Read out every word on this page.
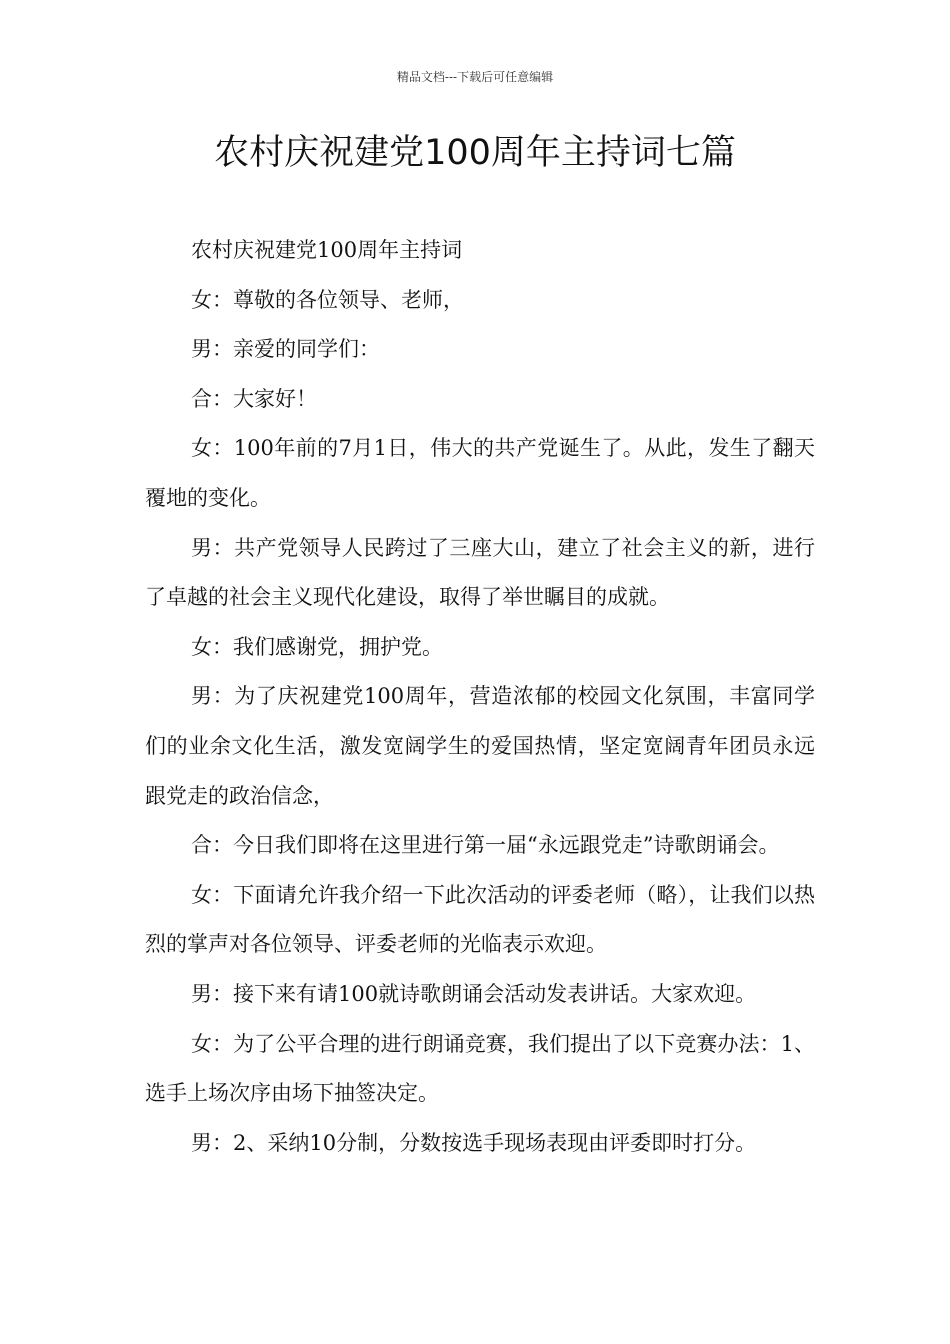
精品文档---下载后可任意编辑
农村庆祝建党100周年主持词七篇

农村庆祝建党100周年主持词

女：尊敬的各位领导、老师，

男：亲爱的同学们：

合：大家好！

女：100年前的7月1日，伟大的共产党诞生了。从此，发生了翻天覆地的变化。

男：共产党领导人民跨过了三座大山，建立了社会主义的新，进行了卓越的社会主义现代化建设，取得了举世瞩目的成就。

女：我们感谢党，拥护党。

男：为了庆祝建党100周年，营造浓郁的校园文化氛围，丰富同学们的业余文化生活，激发宽阔学生的爱国热情，坚定宽阔青年团员永远跟党走的政治信念，

合：今日我们即将在这里进行第一届“永远跟党走”诗歌朗诵会。

女：下面请允许我介绍一下此次活动的评委老师（略），让我们以热烈的掌声对各位领导、评委老师的光临表示欢迎。

男：接下来有请100就诗歌朗诵会活动发表讲话。大家欢迎。

女：为了公平合理的进行朗诵竞赛，我们提出了以下竞赛办法：1、选手上场次序由场下抽签决定。

男：2、采纳10分制，分数按选手现场表现由评委即时打分。
